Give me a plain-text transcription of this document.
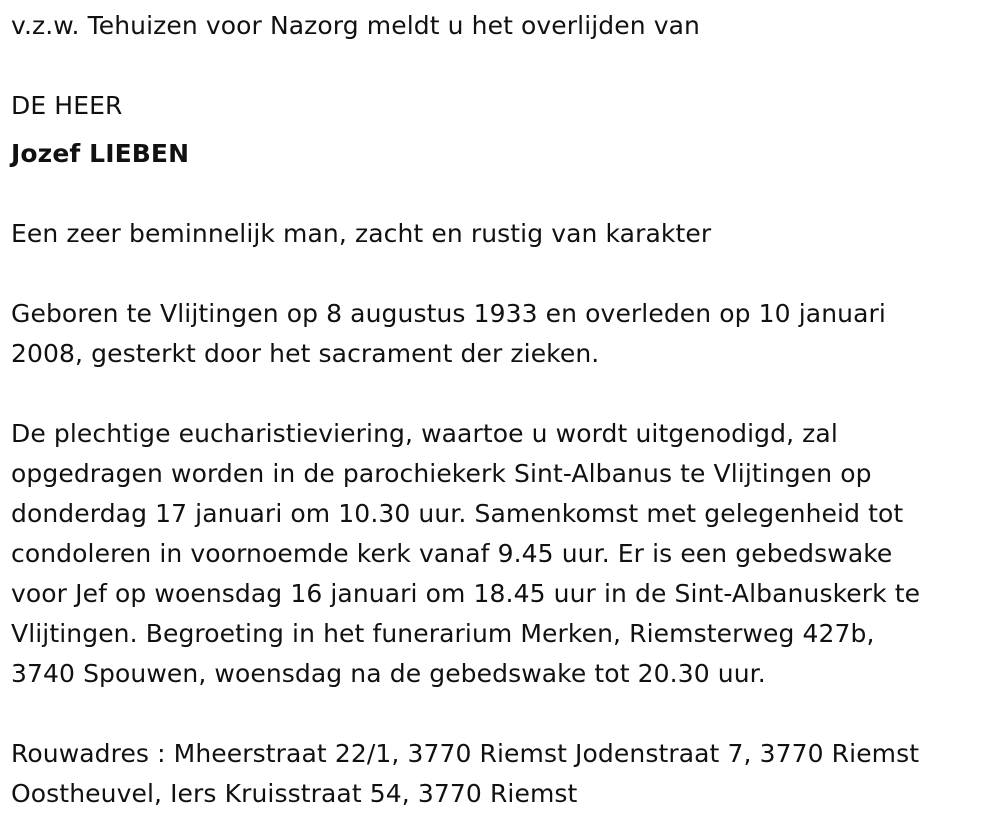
v.z.w. Tehuizen voor Nazorg meldt u het overlijden van

DE HEER

Jozef LIEBEN

Een zeer beminnelijk man, zacht en rustig van karakter

Geboren te Vlijtingen op 8 augustus 1933 en overleden op 10 januari

2008, gesterkt door het sacrament der zieken.

De plechtige eucharistieviering, waartoe u wordt uitgenodigd, zal

opgedragen worden in de parochiekerk Sint-Albanus te Vlijtingen op

donderdag 17 januari om 10.30 uur. Samenkomst met gelegenheid tot

condoleren in voornoemde kerk vanaf 9.45 uur. Er is een gebedswake

voor Jef op woensdag 16 januari om 18.45 uur in de Sint-Albanuskerk te

Vlijtingen. Begroeting in het funerarium Merken, Riemsterweg 427b,

3740 Spouwen, woensdag na de gebedswake tot 20.30 uur.

Rouwadres : Mheerstraat 22/1, 3770 Riemst Jodenstraat 7, 3770 Riemst

Oostheuvel, Iers Kruisstraat 54, 3770 Riemst
